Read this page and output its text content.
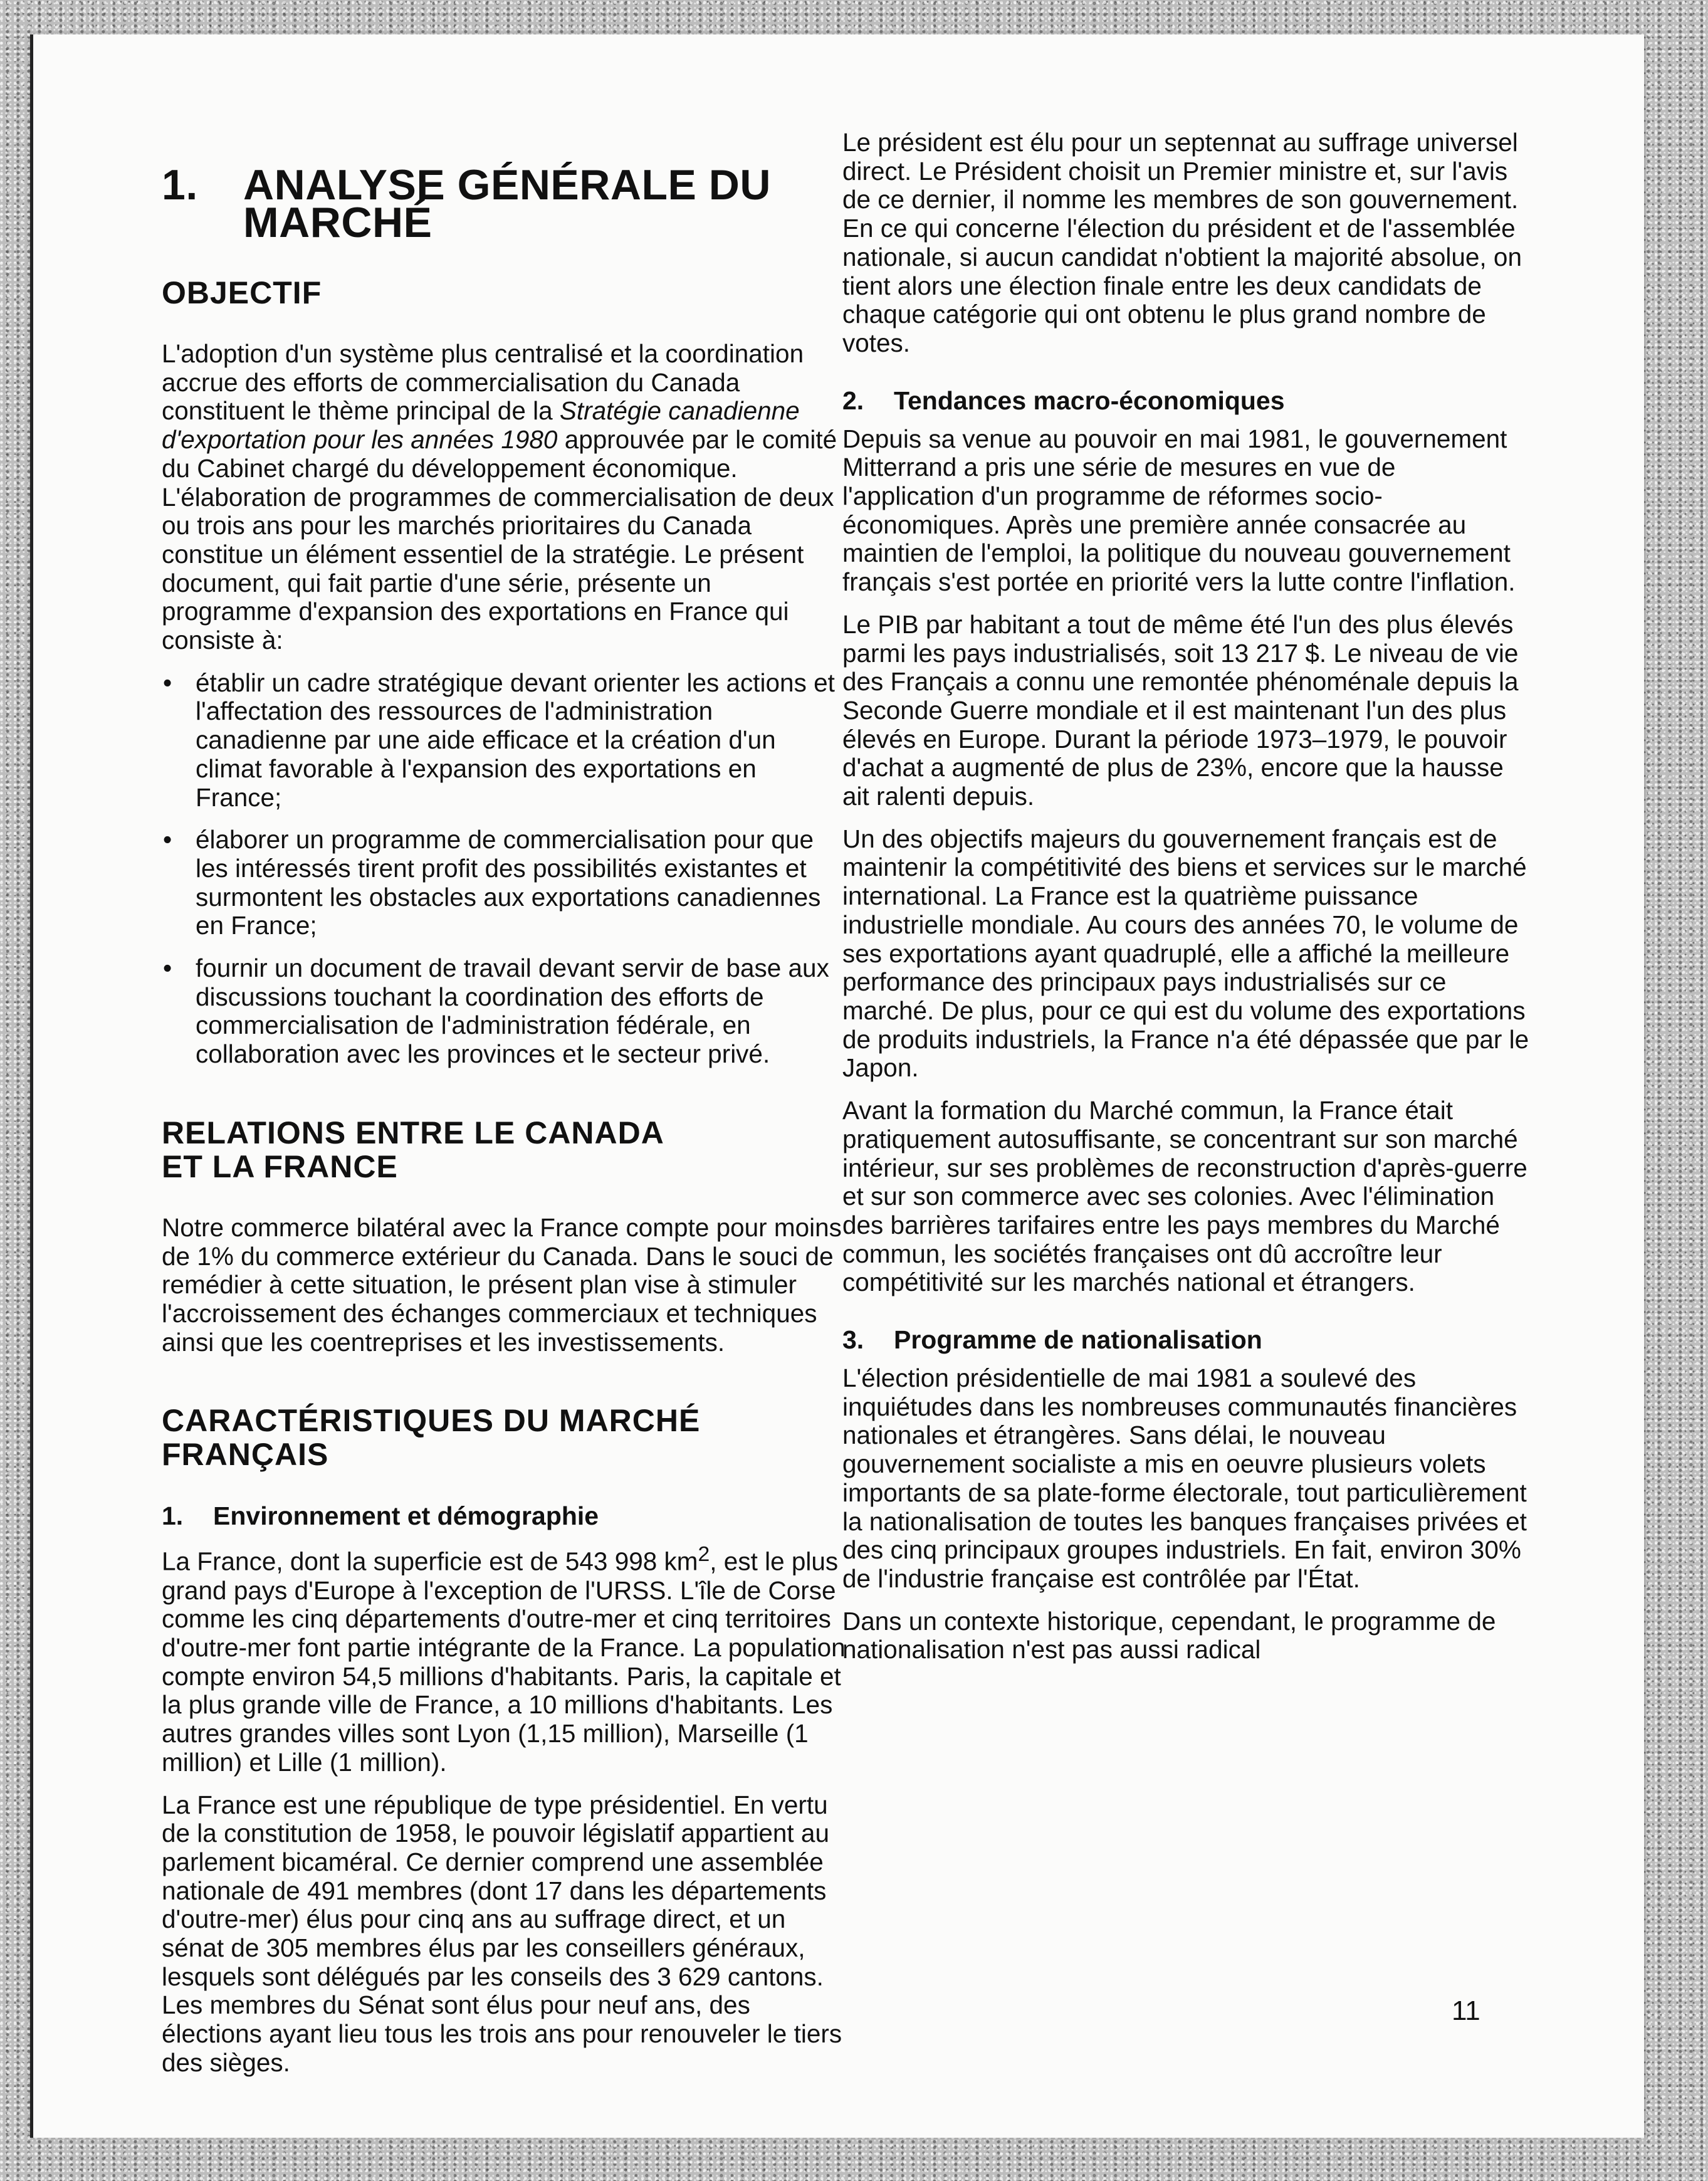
1.	ANALYSE GÉNÉRALE DU MARCHÉ
OBJECTIF

L'adoption d'un système plus centralisé et la coordination accrue des efforts de commercialisation du Canada constituent le thème principal de la Stratégie canadienne d'exportation pour les années 1980 approuvée par le comité du Cabinet chargé du développement économique. L'élaboration de programmes de commercialisation de deux ou trois ans pour les marchés prioritaires du Canada constitue un élément essentiel de la stratégie. Le présent document, qui fait partie d'une série, présente un programme d'expansion des exportations en France qui consiste à:

• établir un cadre stratégique devant orienter les actions et l'affectation des ressources de l'administration canadienne par une aide efficace et la création d'un climat favorable à l'expansion des exportations en France;
• élaborer un programme de commercialisation pour que les intéressés tirent profit des possibilités existantes et surmontent les obstacles aux exportations canadiennes en France;
• fournir un document de travail devant servir de base aux discussions touchant la coordination des efforts de commercialisation de l'administration fédérale, en collaboration avec les provinces et le secteur privé.
RELATIONS ENTRE LE CANADA
ET LA FRANCE

Notre commerce bilatéral avec la France compte pour moins de 1% du commerce extérieur du Canada. Dans le souci de remédier à cette situation, le présent plan vise à stimuler l'accroissement des échanges commerciaux et techniques ainsi que les coentreprises et les investissements.

CARACTÉRISTIQUES DU MARCHÉ
FRANÇAIS
1.	Environnement et démographie

La France, dont la superficie est de 543 998 $km^2$, est le plus grand pays d'Europe à l'exception de l'URSS. L'île de Corse comme les cinq départements d'outre-mer et cinq territoires d'outre-mer font partie intégrante de la France. La population compte environ 54,5 millions d'habitants. Paris, la capitale et la plus grande ville de France, a 10 millions d'habitants. Les autres grandes villes sont Lyon (1,15 million), Marseille (1 million) et Lille (1 million).

La France est une république de type présidentiel. En vertu de la constitution de 1958, le pouvoir législatif appartient au parlement bicaméral. Ce dernier comprend une assemblée nationale de 491 membres (dont 17 dans les départements d'outre-mer) élus pour cinq ans au suffrage direct, et un sénat de 305 membres élus par les conseillers généraux, lesquels sont délégués par les conseils des 3 629 cantons. Les membres du Sénat sont élus pour neuf ans, des élections ayant lieu tous les trois ans pour renouveler le tiers des sièges.

Le président est élu pour un septennat au suffrage universel direct. Le Président choisit un Premier ministre et, sur l'avis de ce dernier, il nomme les membres de son gouvernement. En ce qui concerne l'élection du président et de l'assemblée nationale, si aucun candidat n'obtient la majorité absolue, on tient alors une élection finale entre les deux candidats de chaque catégorie qui ont obtenu le plus grand nombre de votes.

2.	Tendances macro-économiques

Depuis sa venue au pouvoir en mai 1981, le gouvernement Mitterrand a pris une série de mesures en vue de l'application d'un programme de réformes socio-économiques. Après une première année consacrée au maintien de l'emploi, la politique du nouveau gouvernement français s'est portée en priorité vers la lutte contre l'inflation.

Le PIB par habitant a tout de même été l'un des plus élevés parmi les pays industrialisés, soit 13 217 $. Le niveau de vie des Français a connu une remontée phénoménale depuis la Seconde Guerre mondiale et il est maintenant l'un des plus élevés en Europe. Durant la période 1973–1979, le pouvoir d'achat a augmenté de plus de 23%, encore que la hausse ait ralenti depuis.

Un des objectifs majeurs du gouvernement français est de maintenir la compétitivité des biens et services sur le marché international. La France est la quatrième puissance industrielle mondiale. Au cours des années 70, le volume de ses exportations ayant quadruplé, elle a affiché la meilleure performance des principaux pays industrialisés sur ce marché. De plus, pour ce qui est du volume des exportations de produits industriels, la France n'a été dépassée que par le Japon.

Avant la formation du Marché commun, la France était pratiquement autosuffisante, se concentrant sur son marché intérieur, sur ses problèmes de reconstruction d'après-guerre et sur son commerce avec ses colonies. Avec l'élimination des barrières tarifaires entre les pays membres du Marché commun, les sociétés françaises ont dû accroître leur compétitivité sur les marchés national et étrangers.

3.	Programme de nationalisation

L'élection présidentielle de mai 1981 a soulevé des inquiétudes dans les nombreuses communautés financières nationales et étrangères. Sans délai, le nouveau gouvernement socialiste a mis en oeuvre plusieurs volets importants de sa plate-forme électorale, tout particulièrement la nationalisation de toutes les banques françaises privées et des cinq principaux groupes industriels. En fait, environ 30% de l'industrie française est contrôlée par l'État.

Dans un contexte historique, cependant, le programme de nationalisation n'est pas aussi radical

11
